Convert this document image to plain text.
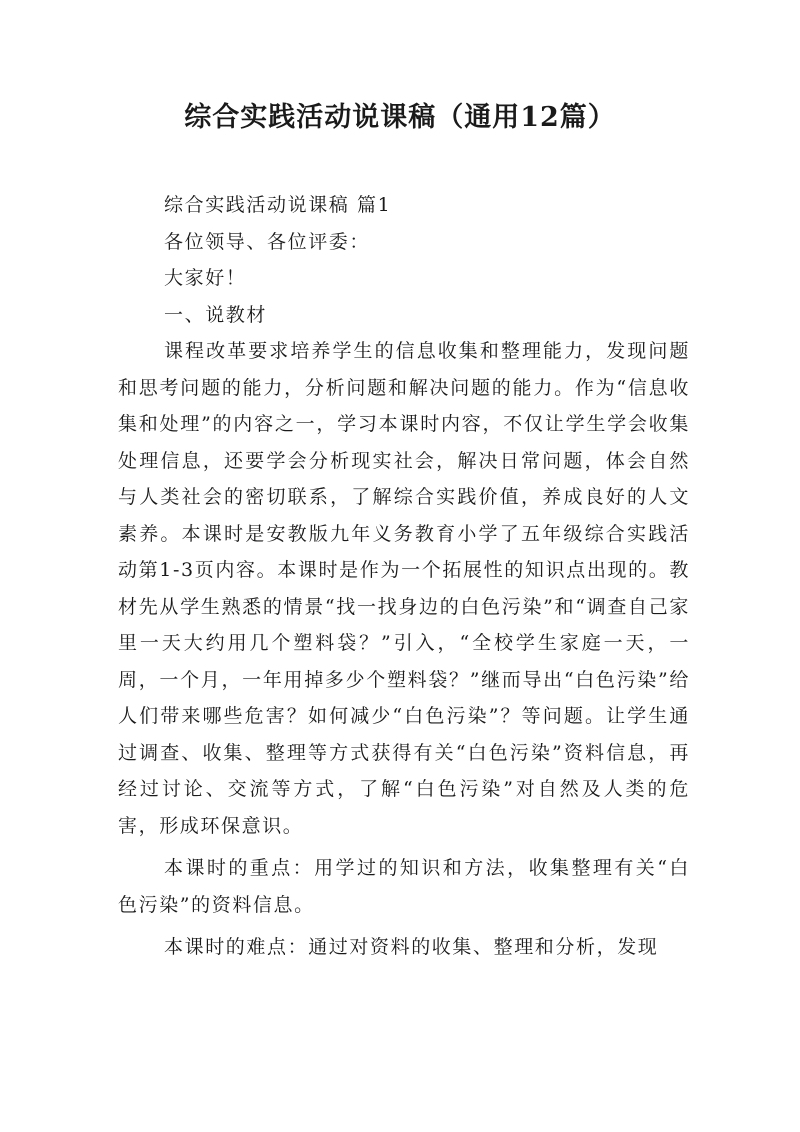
综合实践活动说课稿（通用12篇）

综合实践活动说课稿 篇1

各位领导、各位评委：

大家好！

一、说教材

课程改革要求培养学生的信息收集和整理能力，发现问题和思考问题的能力，分析问题和解决问题的能力。作为“信息收集和处理”的内容之一，学习本课时内容，不仅让学生学会收集处理信息，还要学会分析现实社会，解决日常问题，体会自然与人类社会的密切联系，了解综合实践价值，养成良好的人文素养。本课时是安教版九年义务教育小学了五年级综合实践活动第1-3页内容。本课时是作为一个拓展性的知识点出现的。教材先从学生熟悉的情景“找一找身边的白色污染”和“调查自己家里一天大约用几个塑料袋？”引入，“全校学生家庭一天，一周，一个月，一年用掉多少个塑料袋？”继而导出“白色污染”给人们带来哪些危害？如何减少“白色污染”？等问题。让学生通过调查、收集、整理等方式获得有关“白色污染”资料信息，再经过讨论、交流等方式，了解“白色污染”对自然及人类的危害，形成环保意识。

本课时的重点：用学过的知识和方法，收集整理有关“白色污染”的资料信息。

本课时的难点：通过对资料的收集、整理和分析，发现
